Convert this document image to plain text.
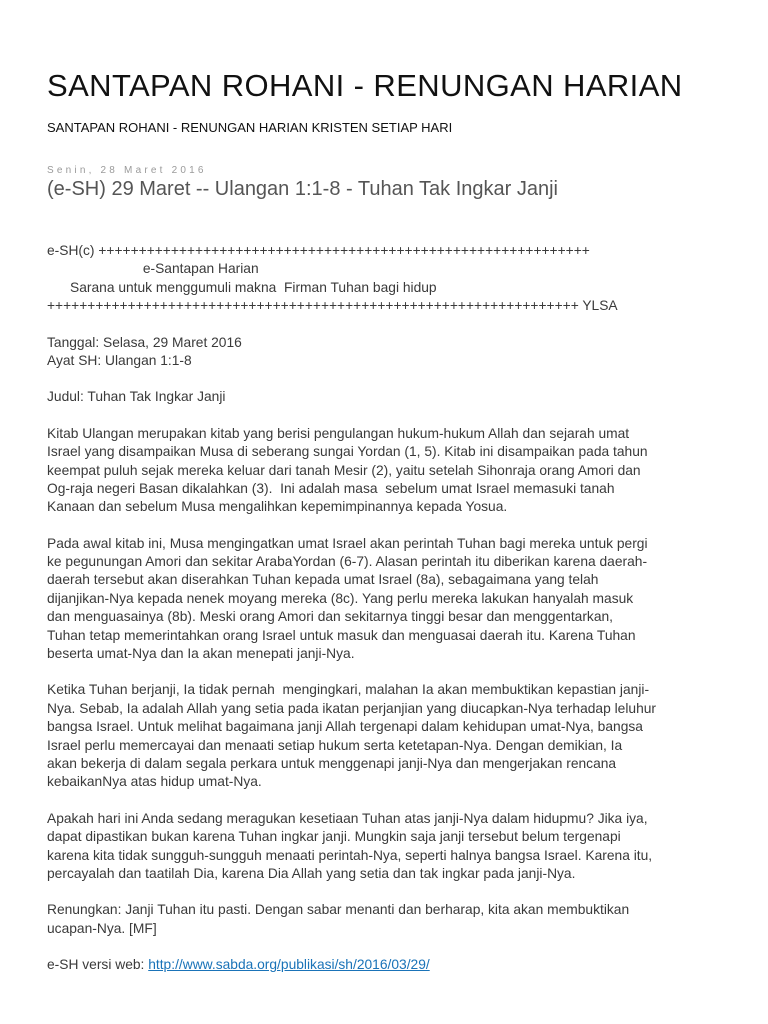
SANTAPAN ROHANI - RENUNGAN HARIAN
SANTAPAN ROHANI - RENUNGAN HARIAN KRISTEN SETIAP HARI
Senin, 28 Maret 2016
(e-SH) 29 Maret -- Ulangan 1:1-8 - Tuhan Tak Ingkar Janji
e-SH(c) +++++++++++++++++++++++++++++++++++++++++++++++++++++++++++++
e-Santapan Harian
Sarana untuk menggumuli makna  Firman Tuhan bagi hidup
++++++++++++++++++++++++++++++++++++++++++++++++++++++++++++++++++ YLSA
Tanggal: Selasa, 29 Maret 2016
Ayat SH: Ulangan 1:1-8
Judul: Tuhan Tak Ingkar Janji
Kitab Ulangan merupakan kitab yang berisi pengulangan hukum-hukum Allah dan sejarah umat
Israel yang disampaikan Musa di seberang sungai Yordan (1, 5). Kitab ini disampaikan pada tahun
keempat puluh sejak mereka keluar dari tanah Mesir (2), yaitu setelah Sihonraja orang Amori dan
Og-raja negeri Basan dikalahkan (3).  Ini adalah masa  sebelum umat Israel memasuki tanah
Kanaan dan sebelum Musa mengalihkan kepemimpinannya kepada Yosua.
Pada awal kitab ini, Musa mengingatkan umat Israel akan perintah Tuhan bagi mereka untuk pergi
ke pegunungan Amori dan sekitar ArabaYordan (6-7). Alasan perintah itu diberikan karena daerah-
daerah tersebut akan diserahkan Tuhan kepada umat Israel (8a), sebagaimana yang telah
dijanjikan-Nya kepada nenek moyang mereka (8c). Yang perlu mereka lakukan hanyalah masuk
dan menguasainya (8b). Meski orang Amori dan sekitarnya tinggi besar dan menggentarkan,
Tuhan tetap memerintahkan orang Israel untuk masuk dan menguasai daerah itu. Karena Tuhan
beserta umat-Nya dan Ia akan menepati janji-Nya.
Ketika Tuhan berjanji, Ia tidak pernah  mengingkari, malahan Ia akan membuktikan kepastian janji-
Nya. Sebab, Ia adalah Allah yang setia pada ikatan perjanjian yang diucapkan-Nya terhadap leluhur
bangsa Israel. Untuk melihat bagaimana janji Allah tergenapi dalam kehidupan umat-Nya, bangsa
Israel perlu memercayai dan menaati setiap hukum serta ketetapan-Nya. Dengan demikian, Ia
akan bekerja di dalam segala perkara untuk menggenapi janji-Nya dan mengerjakan rencana
kebaikanNya atas hidup umat-Nya.
Apakah hari ini Anda sedang meragukan kesetiaan Tuhan atas janji-Nya dalam hidupmu? Jika iya,
dapat dipastikan bukan karena Tuhan ingkar janji. Mungkin saja janji tersebut belum tergenapi
karena kita tidak sungguh-sungguh menaati perintah-Nya, seperti halnya bangsa Israel. Karena itu,
percayalah dan taatilah Dia, karena Dia Allah yang setia dan tak ingkar pada janji-Nya.
Renungkan: Janji Tuhan itu pasti. Dengan sabar menanti dan berharap, kita akan membuktikan
ucapan-Nya. [MF]
e-SH versi web: http://www.sabda.org/publikasi/sh/2016/03/29/
